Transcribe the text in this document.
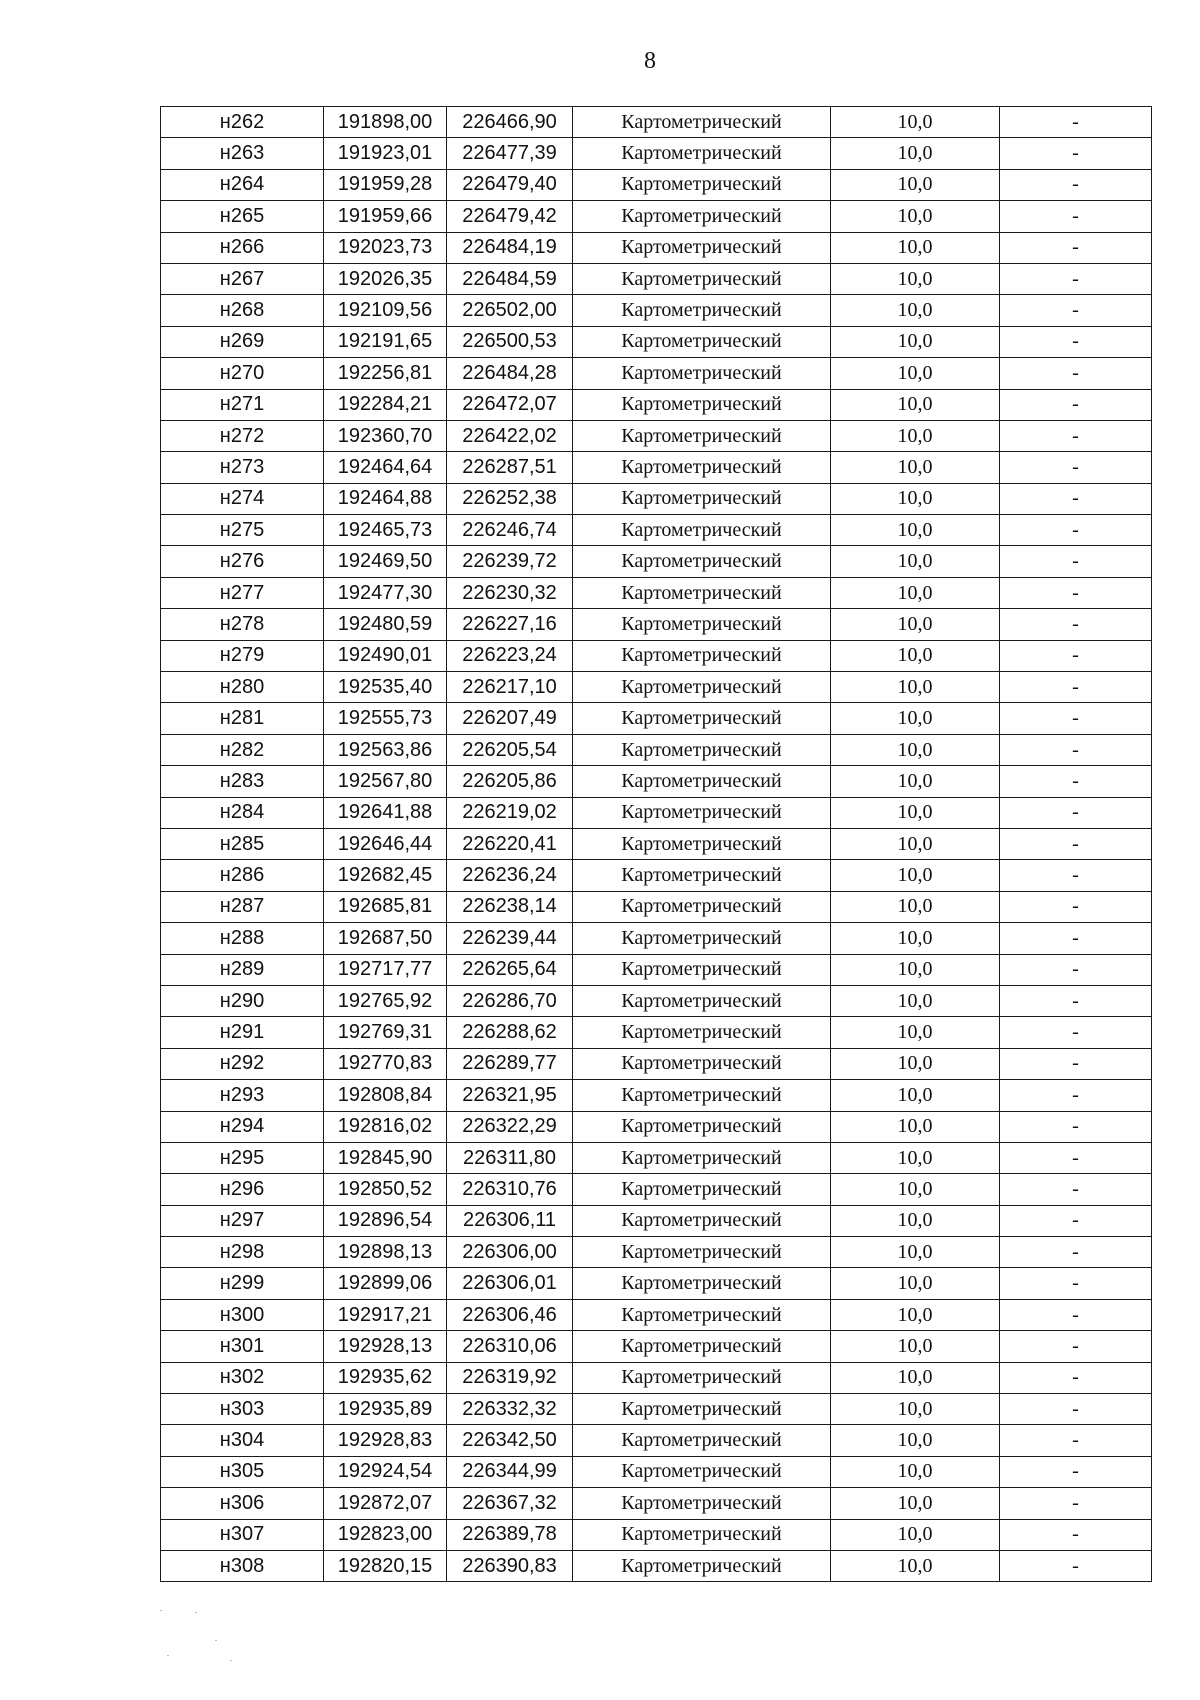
8
н262	191898,00	226466,90	Картометрический	10,0	-
н263	191923,01	226477,39	Картометрический	10,0	-
н264	191959,28	226479,40	Картометрический	10,0	-
н265	191959,66	226479,42	Картометрический	10,0	-
н266	192023,73	226484,19	Картометрический	10,0	-
н267	192026,35	226484,59	Картометрический	10,0	-
н268	192109,56	226502,00	Картометрический	10,0	-
н269	192191,65	226500,53	Картометрический	10,0	-
н270	192256,81	226484,28	Картометрический	10,0	-
н271	192284,21	226472,07	Картометрический	10,0	-
н272	192360,70	226422,02	Картометрический	10,0	-
н273	192464,64	226287,51	Картометрический	10,0	-
н274	192464,88	226252,38	Картометрический	10,0	-
н275	192465,73	226246,74	Картометрический	10,0	-
н276	192469,50	226239,72	Картометрический	10,0	-
н277	192477,30	226230,32	Картометрический	10,0	-
н278	192480,59	226227,16	Картометрический	10,0	-
н279	192490,01	226223,24	Картометрический	10,0	-
н280	192535,40	226217,10	Картометрический	10,0	-
н281	192555,73	226207,49	Картометрический	10,0	-
н282	192563,86	226205,54	Картометрический	10,0	-
н283	192567,80	226205,86	Картометрический	10,0	-
н284	192641,88	226219,02	Картометрический	10,0	-
н285	192646,44	226220,41	Картометрический	10,0	-
н286	192682,45	226236,24	Картометрический	10,0	-
н287	192685,81	226238,14	Картометрический	10,0	-
н288	192687,50	226239,44	Картометрический	10,0	-
н289	192717,77	226265,64	Картометрический	10,0	-
н290	192765,92	226286,70	Картометрический	10,0	-
н291	192769,31	226288,62	Картометрический	10,0	-
н292	192770,83	226289,77	Картометрический	10,0	-
н293	192808,84	226321,95	Картометрический	10,0	-
н294	192816,02	226322,29	Картометрический	10,0	-
н295	192845,90	226311,80	Картометрический	10,0	-
н296	192850,52	226310,76	Картометрический	10,0	-
н297	192896,54	226306,11	Картометрический	10,0	-
н298	192898,13	226306,00	Картометрический	10,0	-
н299	192899,06	226306,01	Картометрический	10,0	-
н300	192917,21	226306,46	Картометрический	10,0	-
н301	192928,13	226310,06	Картометрический	10,0	-
н302	192935,62	226319,92	Картометрический	10,0	-
н303	192935,89	226332,32	Картометрический	10,0	-
н304	192928,83	226342,50	Картометрический	10,0	-
н305	192924,54	226344,99	Картометрический	10,0	-
н306	192872,07	226367,32	Картометрический	10,0	-
н307	192823,00	226389,78	Картометрический	10,0	-
н308	192820,15	226390,83	Картометрический	10,0	-
